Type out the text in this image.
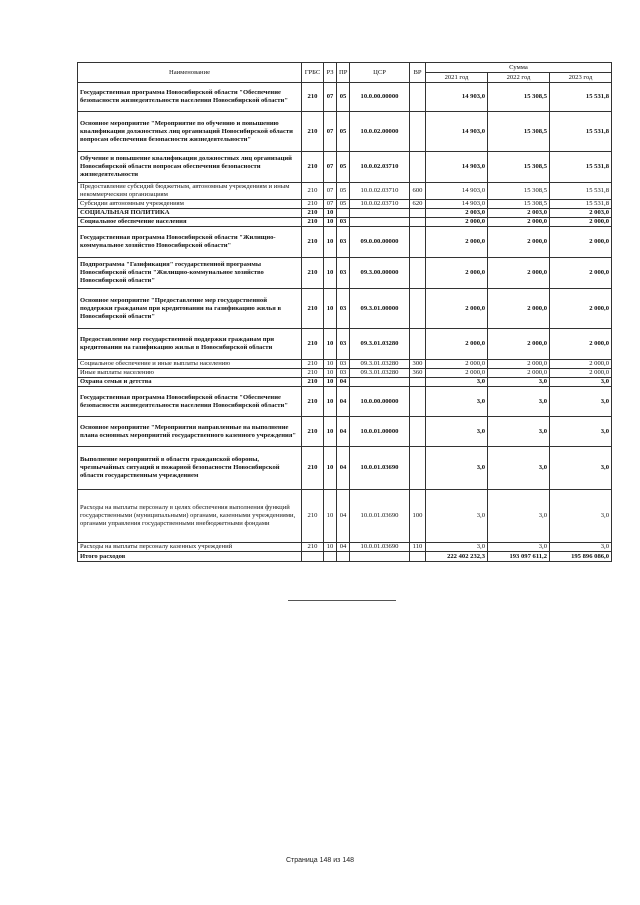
Наименование	ГРБС	РЗ	ПР	ЦСР	ВР	Сумма		
						2021 год	2022 год	2023 год
Государственная программа Новосибирской области "Обеспечение безопасности жизнедеятельности населения Новосибирской области"	210	07	05	10.0.00.00000		14 903,0	15 308,5	15 531,8
Основное мероприятие "Мероприятие по обучению и повышению квалификации должностных лиц организаций Новосибирской области вопросам обеспечения безопасности жизнедеятельности"	210	07	05	10.0.02.00000		14 903,0	15 308,5	15 531,8
Обучение и повышение квалификации должностных лиц организаций Новосибирской области вопросам обеспечения безопасности жизнедеятельности	210	07	05	10.0.02.03710		14 903,0	15 308,5	15 531,8
Предоставление субсидий бюджетным, автономным учреждениям и иным некоммерческим организациям	210	07	05	10.0.02.03710	600	14 903,0	15 308,5	15 531,8
Субсидии автономным учреждениям	210	07	05	10.0.02.03710	620	14 903,0	15 308,5	15 531,8
СОЦИАЛЬНАЯ ПОЛИТИКА	210	10				2 003,0	2 003,0	2 003,0
Социальное обеспечение населения	210	10	03			2 000,0	2 000,0	2 000,0
Государственная программа Новосибирской области "Жилищно-коммунальное хозяйство Новосибирской области"	210	10	03	09.0.00.00000		2 000,0	2 000,0	2 000,0
Подпрограмма "Газификация" государственной программы Новосибирской области "Жилищно-коммунальное хозяйство Новосибирской области"	210	10	03	09.3.00.00000		2 000,0	2 000,0	2 000,0
Основное мероприятие "Предоставление мер государственной поддержки гражданам при кредитовании на газификацию жилья в Новосибирской области"	210	10	03	09.3.01.00000		2 000,0	2 000,0	2 000,0
Предоставление мер государственной поддержки гражданам при кредитовании на газификацию жилья в Новосибирской области	210	10	03	09.3.01.03280		2 000,0	2 000,0	2 000,0
Социальное обеспечение и иные выплаты населению	210	10	03	09.3.01.03280	300	2 000,0	2 000,0	2 000,0
Иные выплаты населению	210	10	03	09.3.01.03280	360	2 000,0	2 000,0	2 000,0
Охрана семьи и детства	210	10	04			3,0	3,0	3,0
Государственная программа Новосибирской области "Обеспечение безопасности жизнедеятельности населения Новосибирской области"	210	10	04	10.0.00.00000		3,0	3,0	3,0
Основное мероприятие "Мероприятия направленные на выполнение плана основных мероприятий государственного казенного учреждения"	210	10	04	10.0.01.00000		3,0	3,0	3,0
Выполнение мероприятий в области гражданской обороны, чрезвычайных ситуаций и пожарной безопасности Новосибирской области государственным учреждением	210	10	04	10.0.01.03690		3,0	3,0	3,0
Расходы на выплаты персоналу в целях обеспечения выполнения функций государственными (муниципальными) органами, казенными учреждениями, органами управления государственными внебюджетными фондами	210	10	04	10.0.01.03690	100	3,0	3,0	3,0
Расходы на выплаты персоналу казенных учреждений	210	10	04	10.0.01.03690	110	3,0	3,0	3,0
Итого расходов						222 402 232,3	193 097 611,2	195 896 086,0
Страница 148 из 148
